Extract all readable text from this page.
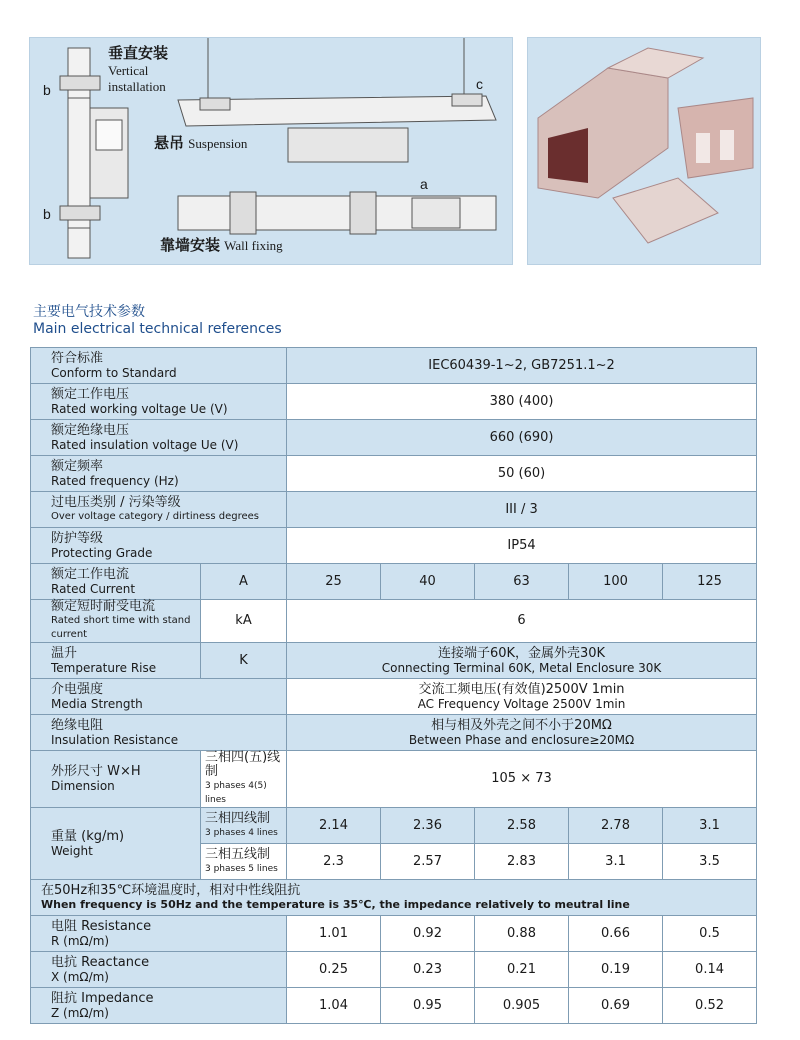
垂直安装
Vertical
installation
悬吊 Suspension
靠墙安装 Wall fixing
b
b
c
a
主要电气技术参数
Main electrical technical references
符合标准
Conform to Standard		IEC60439-1~2, GB7251.1~2				

额定工作电压
Rated working voltage Ue (V)		380 (400)				

额定绝缘电压
Rated insulation voltage Ue (V)		660 (690)				

额定频率
Rated frequency (Hz)		50 (60)				

过电压类别 / 污染等级
Over voltage category / dirtiness degrees		III / 3				

防护等级
Protecting Grade		IP54				

额定工作电流
Rated Current	A	25	40	63	100	125

额定短时耐受电流
Rated short time with stand current	kA	6				

温升
Temperature Rise	K	连接端子60K，金属外壳30K
Connecting Terminal 60K, Metal Enclosure 30K				

介电强度
Media Strength		交流工频电压(有效值)2500V 1min
AC Frequency Voltage 2500V 1min				

绝缘电阻
Insulation Resistance		相与相及外壳之间不小于20MΩ
Between Phase and enclosure≥20MΩ				

外形尺寸 W×H
Dimension	三相四(五)线制
3 phases 4(5) lines	105 × 73				

重量 (kg/m)
Weight	三相四线制
3 phases 4 lines	2.14	2.36	2.58	2.78	3.1

	三相五线制
3 phases 5 lines	2.3	2.57	2.83	3.1	3.5

在50Hz和35℃环境温度时，相对中性线阻抗
When frequency is 50Hz and the temperature is 35℃, the impedance relatively to meutral line						

电阻 Resistance
R (mΩ/m)		1.01	0.92	0.88	0.66	0.5

电抗 Reactance
X (mΩ/m)		0.25	0.23	0.21	0.19	0.14

阻抗 Impedance
Z (mΩ/m)		1.04	0.95	0.905	0.69	0.52
